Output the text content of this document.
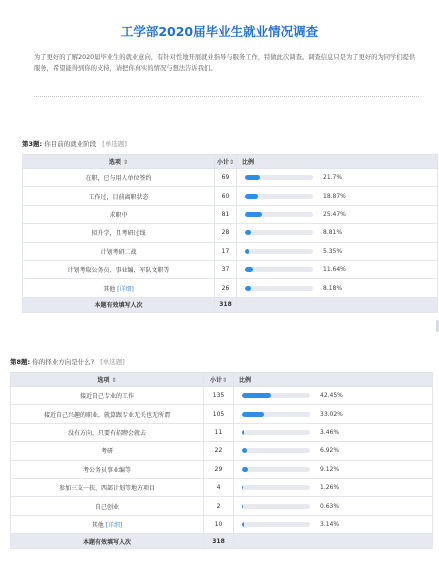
工学部2020届毕业生就业情况调查
为了更好的了解2020届毕业生的就业意向，有针对性地开展就业指导与服务工作，特做此次调查。调查信息只是为了更好的为同学们提供服务，希望能得到你的支持，请把你真实的情况与想法告诉我们。
第3题: 你目前的就业阶段 [单选题]
选项 ⇕	小计⇕	比例
在职，已与用人单位签约	69	21.7%
工作过，目前离职状态	60	18.87%
求职中	81	25.47%
拟升学，且考研过线	28	8.81%
计划考研二战	17	5.35%
计划考取公务员、事业编、军队文职等	37	11.64%
其他 [详细]	26	8.18%
本题有效填写人次	318	
第8题: 你的择业方向是什么? [单选题]
选项 ⇕	小计⇕	比例
接近自己专业的工作	135	42.45%
接近自己兴趣的职业，就算跟专业无关也无所谓	105	33.02%
没有方向，只要有招聘会就去	11	3.46%
考研	22	6.92%
考公务员事业编等	29	9.12%
参加三支一扶、西部计划等地方项目	4	1.26%
自己创业	2	0.63%
其他 [详细]	10	3.14%
本题有效填写人次	318	
